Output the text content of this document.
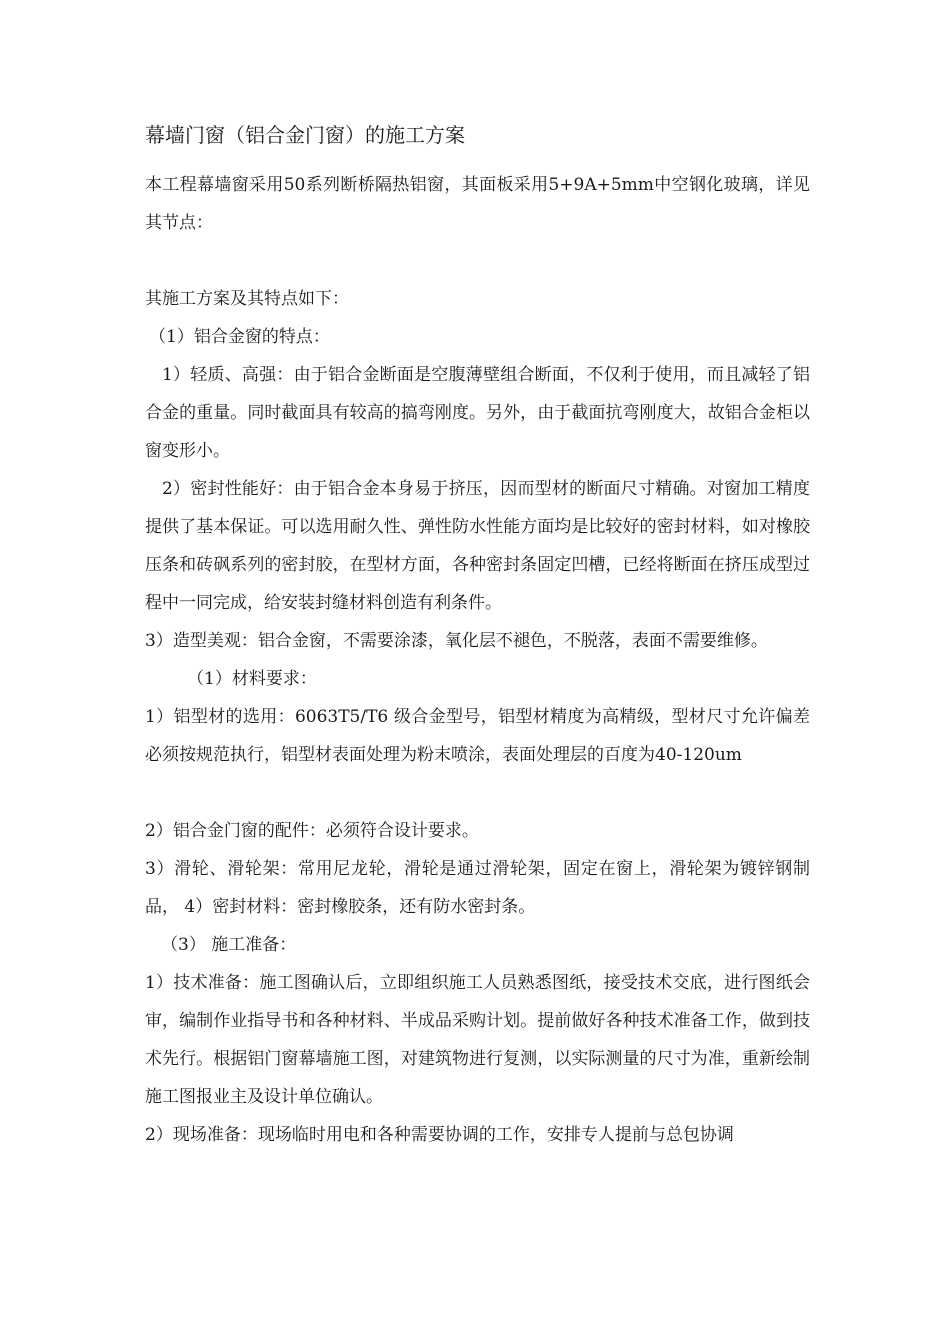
幕墙门窗（铝合金门窗）的施工方案

本工程幕墙窗采用50系列断桥隔热铝窗，其面板采用5+9A+5mm中空钢化玻璃，详见其节点：

其施工方案及其特点如下：

（1）铝合金窗的特点：

1）轻质、高强：由于铝合金断面是空腹薄壁组合断面，不仅利于使用，而且减轻了铝合金的重量。同时截面具有较高的搞弯刚度。另外，由于截面抗弯刚度大，故铝合金柜以窗变形小。

2）密封性能好：由于铝合金本身易于挤压，因而型材的断面尺寸精确。对窗加工精度提供了基本保证。可以选用耐久性、弹性防水性能方面均是比较好的密封材料，如对橡胶压条和砖砜系列的密封胶，在型材方面，各种密封条固定凹槽，已经将断面在挤压成型过程中一同完成，给安装封缝材料创造有利条件。

3）造型美观：铝合金窗，不需要涂漆，氧化层不褪色，不脱落，表面不需要维修。

（1）材料要求：

1）铝型材的选用：6063T5/T6 级合金型号，铝型材精度为高精级，型材尺寸允许偏差必须按规范执行，铝型材表面处理为粉末喷涂，表面处理层的百度为40-120um

2）铝合金门窗的配件：必须符合设计要求。

3）滑轮、滑轮架：常用尼龙轮，滑轮是通过滑轮架，固定在窗上，滑轮架为镀锌钢制品， 4）密封材料：密封橡胶条，还有防水密封条。

（3） 施工准备：

1）技术准备：施工图确认后，立即组织施工人员熟悉图纸，接受技术交底，进行图纸会审，编制作业指导书和各种材料、半成品采购计划。提前做好各种技术准备工作，做到技术先行。根据铝门窗幕墙施工图，对建筑物进行复测，以实际测量的尺寸为准，重新绘制施工图报业主及设计单位确认。

2）现场准备：现场临时用电和各种需要协调的工作，安排专人提前与总包协调
